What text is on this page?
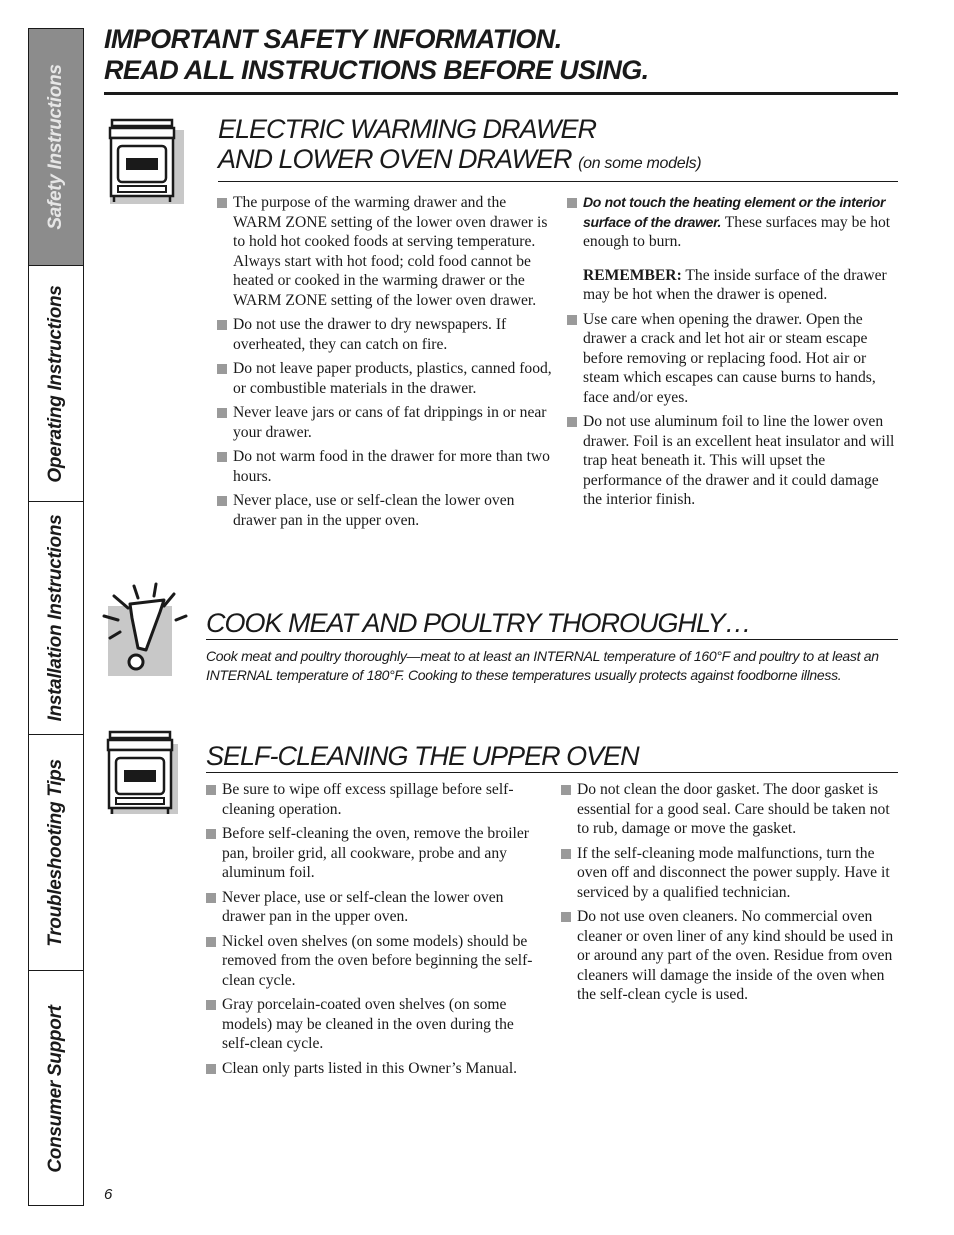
Safety Instructions
Operating Instructions
Installation Instructions
Troubleshooting Tips
Consumer Support
IMPORTANT SAFETY INFORMATION.
READ ALL INSTRUCTIONS BEFORE USING.
ELECTRIC WARMING DRAWER
AND LOWER OVEN DRAWER (on some models)
The purpose of the warming drawer and the WARM ZONE setting of the lower oven drawer is to hold hot cooked foods at serving temperature. Always start with hot food; cold food cannot be heated or cooked in the warming drawer or the WARM ZONE setting of the lower oven drawer.
Do not use the drawer to dry newspapers. If overheated, they can catch on fire.
Do not leave paper products, plastics, canned food, or combustible materials in the drawer.
Never leave jars or cans of fat drippings in or near your drawer.
Do not warm food in the drawer for more than two hours.
Never place, use or self-clean the lower oven drawer pan in the upper oven.
Do not touch the heating element or the interior surface of the drawer. These surfaces may be hot enough to burn.
REMEMBER: The inside surface of the drawer may be hot when the drawer is opened.
Use care when opening the drawer. Open the drawer a crack and let hot air or steam escape before removing or replacing food. Hot air or steam which escapes can cause burns to hands, face and/or eyes.
Do not use aluminum foil to line the lower oven drawer. Foil is an excellent heat insulator and will trap heat beneath it. This will upset the performance of the drawer and it could damage the interior finish.
COOK MEAT AND POULTRY THOROUGHLY…
Cook meat and poultry thoroughly—meat to at least an INTERNAL temperature of 160°F and poultry to at least an INTERNAL temperature of 180°F. Cooking to these temperatures usually protects against foodborne illness.
SELF-CLEANING THE UPPER OVEN
Be sure to wipe off excess spillage before self-cleaning operation.
Before self-cleaning the oven, remove the broiler pan, broiler grid, all cookware, probe and any aluminum foil.
Never place, use or self-clean the lower oven drawer pan in the upper oven.
Nickel oven shelves (on some models) should be removed from the oven before beginning the self-clean cycle.
Gray porcelain-coated oven shelves (on some models) may be cleaned in the oven during the self-clean cycle.
Clean only parts listed in this Owner’s Manual.
Do not clean the door gasket. The door gasket is essential for a good seal. Care should be taken not to rub, damage or move the gasket.
If the self-cleaning mode malfunctions, turn the oven off and disconnect the power supply. Have it serviced by a qualified technician.
Do not use oven cleaners. No commercial oven cleaner or oven liner of any kind should be used in or around any part of the oven. Residue from oven cleaners will damage the inside of the oven when the self-clean cycle is used.
6
